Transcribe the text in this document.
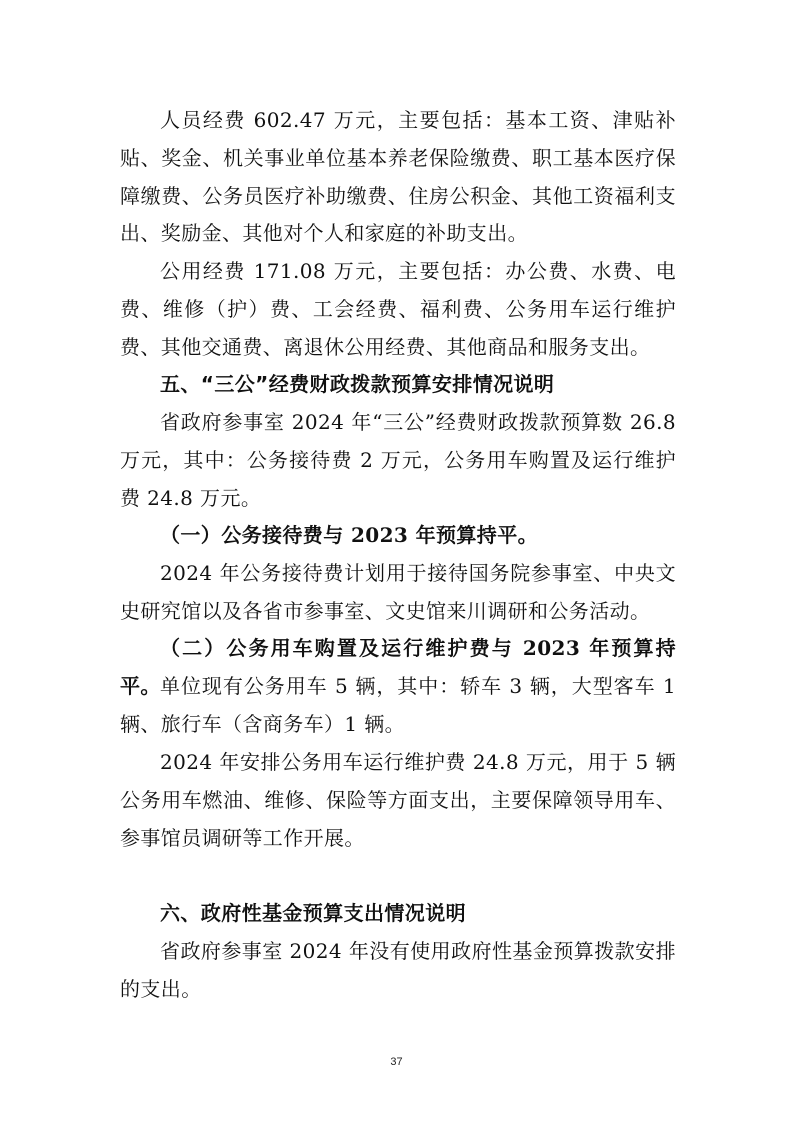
人员经费 602.47 万元，主要包括：基本工资、津贴补贴、奖金、机关事业单位基本养老保险缴费、职工基本医疗保障缴费、公务员医疗补助缴费、住房公积金、其他工资福利支出、奖励金、其他对个人和家庭的补助支出。

公用经费 171.08 万元，主要包括：办公费、水费、电费、维修（护）费、工会经费、福利费、公务用车运行维护费、其他交通费、离退休公用经费、其他商品和服务支出。

五、“三公”经费财政拨款预算安排情况说明

省政府参事室 2024 年“三公”经费财政拨款预算数 26.8 万元，其中：公务接待费 2 万元，公务用车购置及运行维护费 24.8 万元。

（一）公务接待费与 2023 年预算持平。

2024 年公务接待费计划用于接待国务院参事室、中央文史研究馆以及各省市参事室、文史馆来川调研和公务活动。

（二）公务用车购置及运行维护费与 2023 年预算持平。 单位现有公务用车 5 辆，其中：轿车 3 辆，大型客车 1 辆、旅行车（含商务车）1 辆。

2024 年安排公务用车运行维护费 24.8 万元，用于 5 辆公务用车燃油、维修、保险等方面支出，主要保障领导用车、参事馆员调研等工作开展。

六、政府性基金预算支出情况说明

省政府参事室 2024 年没有使用政府性基金预算拨款安排的支出。

37
